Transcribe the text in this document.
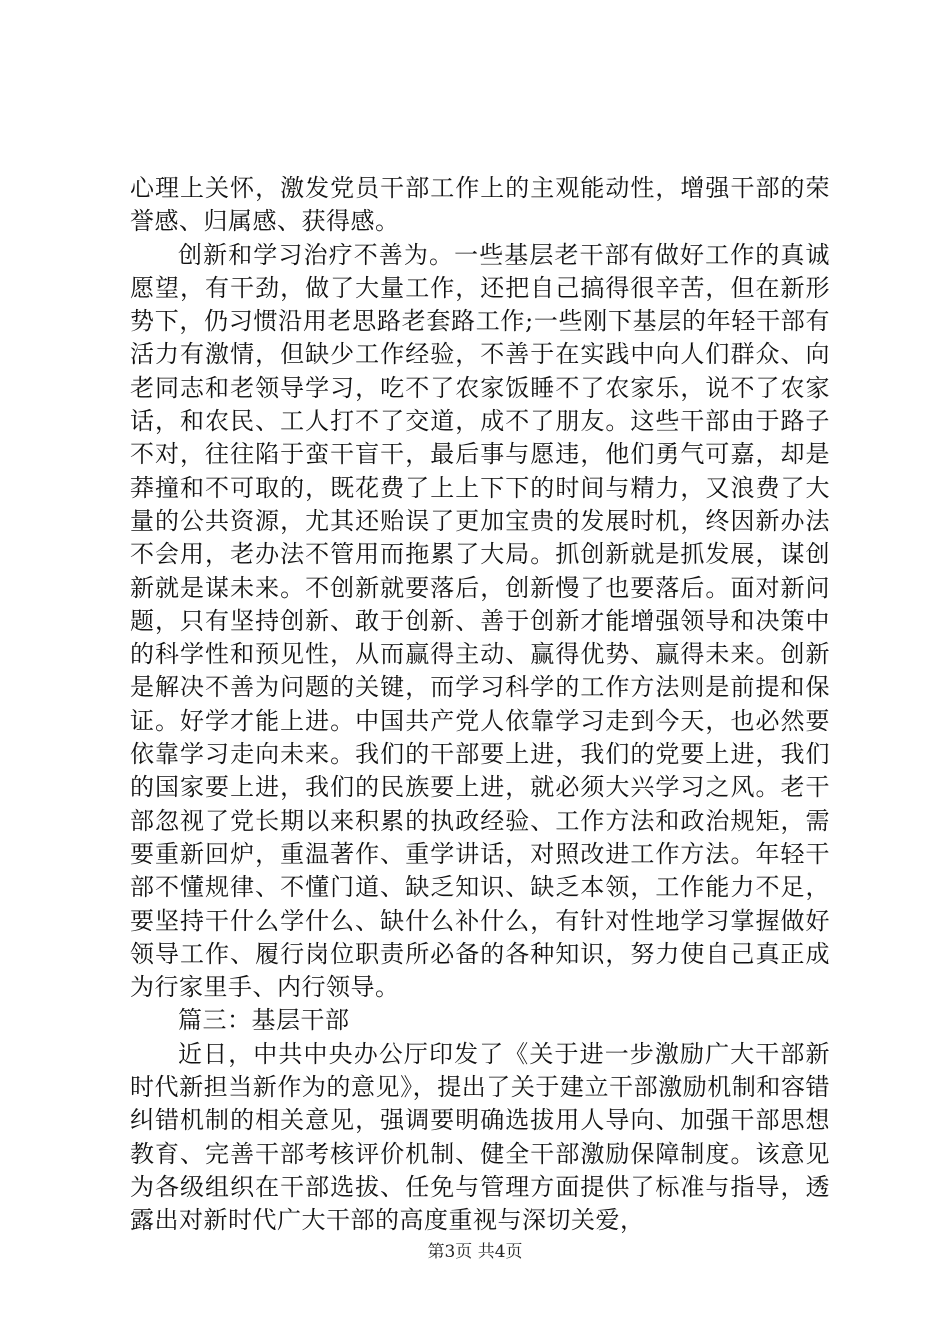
心理上关怀，激发党员干部工作上的主观能动性，增强干部的荣誉感、归属感、获得感。

创新和学习治疗不善为。一些基层老干部有做好工作的真诚愿望，有干劲，做了大量工作，还把自己搞得很辛苦，但在新形势下，仍习惯沿用老思路老套路工作;一些刚下基层的年轻干部有活力有激情，但缺少工作经验，不善于在实践中向人们群众、向老同志和老领导学习，吃不了农家饭睡不了农家乐，说不了农家话，和农民、工人打不了交道，成不了朋友。这些干部由于路子不对，往往陷于蛮干盲干，最后事与愿违，他们勇气可嘉，却是莽撞和不可取的，既花费了上上下下的时间与精力，又浪费了大量的公共资源，尤其还贻误了更加宝贵的发展时机，终因新办法不会用，老办法不管用而拖累了大局。抓创新就是抓发展，谋创新就是谋未来。不创新就要落后，创新慢了也要落后。面对新问题，只有坚持创新、敢于创新、善于创新才能增强领导和决策中的科学性和预见性，从而赢得主动、赢得优势、赢得未来。创新是解决不善为问题的关键，而学习科学的工作方法则是前提和保证。好学才能上进。中国共产党人依靠学习走到今天，也必然要依靠学习走向未来。我们的干部要上进，我们的党要上进，我们的国家要上进，我们的民族要上进，就必须大兴学习之风。老干部忽视了党长期以来积累的执政经验、工作方法和政治规矩，需要重新回炉，重温著作、重学讲话，对照改进工作方法。年轻干部不懂规律、不懂门道、缺乏知识、缺乏本领，工作能力不足，要坚持干什么学什么、缺什么补什么，有针对性地学习掌握做好领导工作、履行岗位职责所必备的各种知识，努力使自己真正成为行家里手、内行领导。

篇三：基层干部

近日，中共中央办公厅印发了《关于进一步激励广大干部新时代新担当新作为的意见》，提出了关于建立干部激励机制和容错纠错机制的相关意见，强调要明确选拔用人导向、加强干部思想教育、完善干部考核评价机制、健全干部激励保障制度。该意见为各级组织在干部选拔、任免与管理方面提供了标准与指导，透露出对新时代广大干部的高度重视与深切关爱，

第3页 共4页
